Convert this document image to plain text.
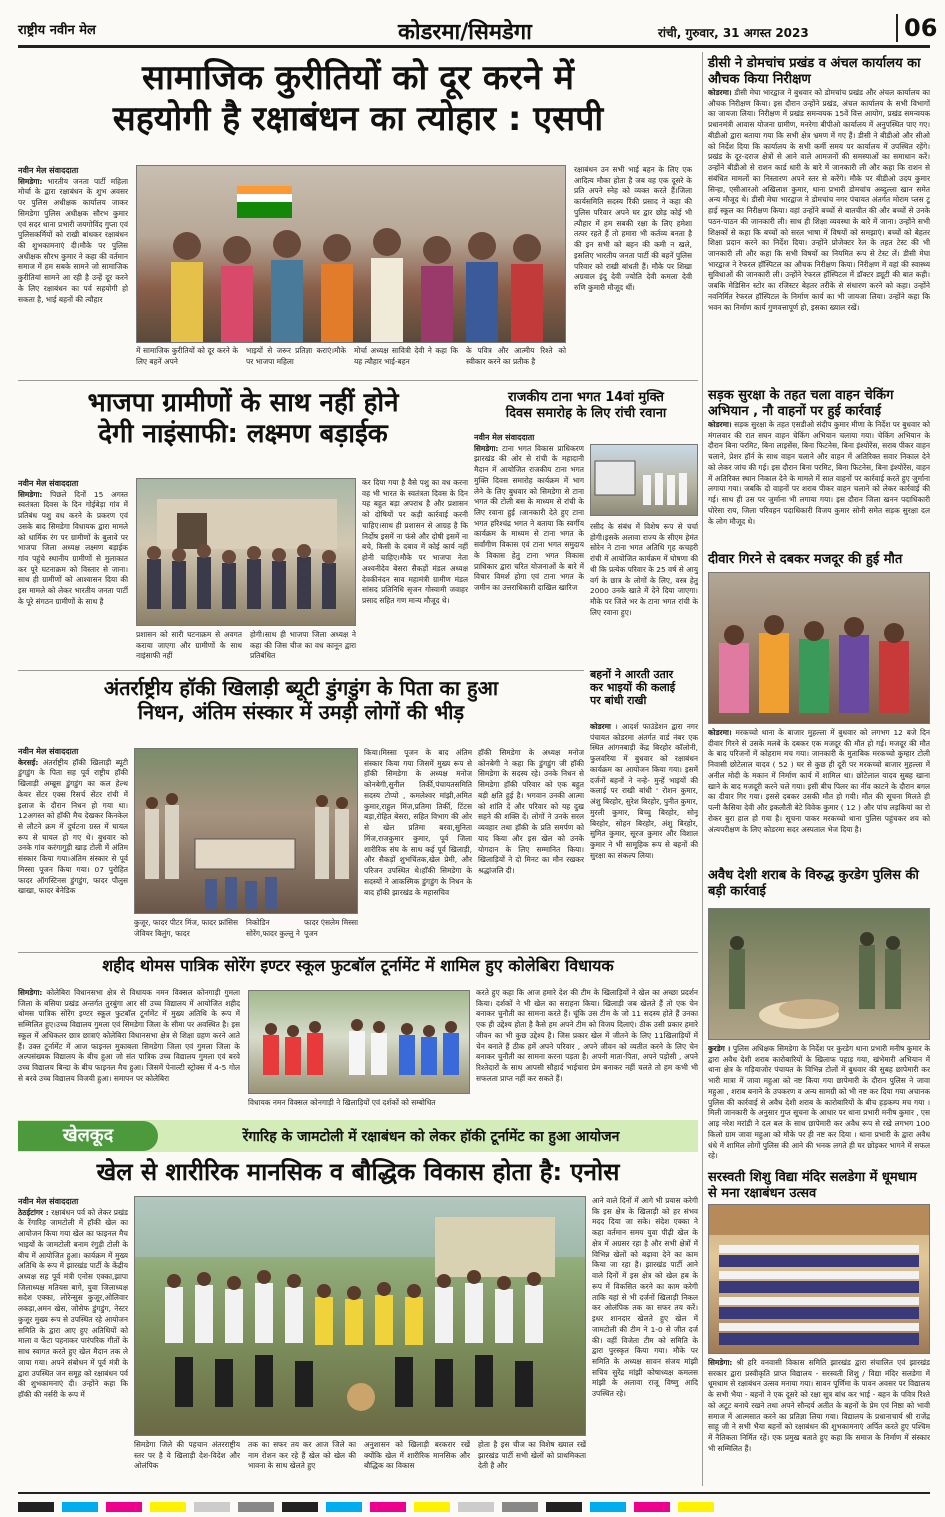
राष्ट्रीय नवीन मेल	कोडरमा/सिमडेगा	रांची, गुरुवार, 31 अगस्त 2023	06
सामाजिक कुरीतियों को दूर करने में
सहयोगी है रक्षाबंधन का त्योहार : एसपी
नवीन मेल संवाददाता
सिमडेगा: भारतीय जनता पार्टी महिला मोर्चा के द्वारा रक्षाबंधन के शुभ अवसर पर पुलिस अधीक्षक कार्यालय जाकर सिमडेगा पुलिस अधीक्षक सौरभ कुमार एवं सदर थाना प्रभारी जयगोविंद गुप्ता एवं पुलिसकर्मियों को राखी बांधकर रक्षाबंधन की शुभकामनाएं दी।मौके पर पुलिस अधीक्षक सौरभ कुमार ने कहा की वर्तमान समाज में हम सबके सामने जो सामाजिक कुरीतियां सामने आ रही है उन्हें दूर करने के लिए रक्षाबंधन का पर्व सहयोगी हो सकता है, भाई बहनों की त्यौहार
में सामाजिक कुरीतियों को दूर करने के लिए बहनें अपने
भाइयों से जरूर प्रतिज्ञा कराएं।मौके पर भाजपा महिला
मोर्चा अध्यक्ष सावित्री देवी ने कहा कि यह त्यौहार भाई-बहन
के पवित्र और आत्मीय रिश्ते को स्वीकार करने का प्रतीक है
रक्षाबंधन उन सभी भाई बहन के लिए एक आदित्य मौका होता है जब वह एक दूसरे के प्रति अपने स्नेह को व्यक्त करते हैं।जिला कार्यसमिति सदस्य रिंकी प्रसाद ने कहा की पुलिस परिवार अपने घर द्वार छोड़ कोई भी त्यौहार में हम सबकी रक्षा के लिए हमेशा तत्पर रहते हैं तो हमारा भी कर्तव्य बनता है की इन सभी को बहन की कमी न खले, इसलिए भारतीय जनता पार्टी की बहनें पुलिस परिवार को राखी बांधती हैं। मौके पर शिखा अग्रवाल इंदु देवी ज्योति देवी कमला देवी रुणि कुमारी मौजूद थीं।
भाजपा ग्रामीणों के साथ नहीं होने
देगी नाइंसाफी: लक्ष्मण बड़ाईक
नवीन मेल संवाददाता
सिमडेगा: पिछले दिनों 15 अगस्त स्वतंत्रता दिवस के दिन गोईबेड़ा गांव में प्रतिबंध पशु वध करने के प्रकरण एवं उसके बाद सिमडेगा विधायक द्वारा मामले को धार्मिक रंग पर ग्रामीणों के बुलावे पर भाजपा जिला अध्यक्ष लक्ष्मण बड़ाईक गांव पहुंचे स्थानीय ग्रामीणों से मुलाकात कर पूरे घटनाक्रम को विस्तार से जाना। साथ ही ग्रामीणों को आश्वासन दिया की इस मामले को लेकर भारतीय जनता पार्टी के पूरे संगठन ग्रामीणों के साथ है
प्रशासन को सारी घटनाक्रम से अवगत कराया जाएगा और ग्रामीणों के साथ नाइंसाफी नहीं
होगी।साथ ही भाजपा जिला अध्यक्ष ने कहा की जिस चीज का वध कानून द्वारा प्रतिबंधित
कर दिया गया है वैसे पशु का वध करना वह भी भारत के स्वतंत्रता दिवस के दिन यह बहुत बड़ा अपराध है और प्रशासन को दोषियों पर कड़ी कार्रवाई करनी चाहिए।साथ ही प्रशासन से आग्रह है कि निर्दोष इसमें ना फंसे और दोषी इसमें ना बचे, किसी के दबाव में कोई कार्य नहीं होनी चाहिए।मौके पर भाजपा नेता अश्वनीदेव बेसरा सैकड़ों मंडल अध्यक्ष देवकीनंदन साव महामंत्री ग्रामीण मंडल सांसद प्रतिनिधि सृजन गोस्वामी जवाहर प्रसाद सहित गण मान्य मौजूद थे।
राजकीय टाना भगत 14वां मुक्ति
दिवस समारोह के लिए रांची रवाना
नवीन मेल संवाददाता
सिमडेगा: टाना भगत विकास प्राधिकरण झारखंड की ओर से रांची के महादानी मैदान में आयोजित राजकीय टाना भगत मुक्ति दिवस समारोह कार्यक्रम में भाग लेने के लिए बुधवार को सिमडेगा से टाना भगत की टोली बस के माध्यम से रांची के लिए रवाना हुई ।जानकारी देते हुए टाना भगत हरिश्चंद्र भगत ने बताया कि स्वर्गीय कार्यक्रम के माध्यम से टाना भगत के सर्वांगीण विकास एवं टाना भगत समुदाय के विकास हेतु टाना भगत विकास प्राधिकार द्वारा चरित योजनाओं के बारे में विचार विमर्श होगा एवं टाना भगत के जमीन का उत्तराधिकारी दाखिल खारिज
रसीद के संबंध में विशेष रूप से चर्चा होगी।इसके अलावा राज्य के सीएम हेमंत सोरेन ने टाना भगत अतिथि गृह कचहरी रांची में आयोजित कार्यक्रम में घोषणा की थी कि प्रत्येक परिवार के 25 वर्ष से आयु वर्ग के छात्र के लोगों के लिए, वस्त्र हेतु 2000 उनके खाते में देने दिया जाएगा। मौके पर जिले भर के टाना भगत रांची के लिए रवाना हुए।
बहनों ने आरती उतार
कर भाइयों की कलाई
पर बांधी राखी
कोडरमा । आदर्श फाउंडेशन द्वारा नगर पंचायत कोडरमा अंतर्गत वार्ड नंबर एक स्थित आंगनबाड़ी केंद्र बिरहोर कॉलोनी, फुलवरिया में बुधवार को रक्षाबंधन कार्यक्रम का आयोजन किया गया। इसमें दर्जनों बहनों ने नन्हे- मुन्हें भाइयों की कलाई पर राखी बांधी ' रोशन कुमार, अंशु बिरहोर, सुरेश बिरहोर, पुनीत कुमार, मुरली कुमार, बिच्चु बिरहोर, सोनू बिरहोर, सोहन बिरहोर, अंशु बिरहोर, सुमित कुमार, सूरज कुमार और विशाल कुमार ने भी सामूहिक रूप से बहनों की सुरक्षा का संकल्प लिया।
अंतर्राष्ट्रीय हॉकी खिलाड़ी ब्यूटी डुंगडुंग के पिता का हुआ
निधन, अंतिम संस्कार में उमड़ी लोगों की भीड़
नवीन मेल संवाददाता
केरसई: अंतर्राष्ट्रीय हॉकी खिलाड़ी ब्यूटी डुंगडुंग के पिता सह पूर्व राष्ट्रीय हॉकी खिलाड़ी अम्ब्रूस डुंगडुंग का कल हेल्थ केयर सेंटर एक्स रिसर्च सेंटर रांची में इलाज के दौरान निधन हो गया था। 12अगस्त को हॉकी मैच देखकर किनकेल से लौटने क्रम में दुर्घटना ग्रस्त में घायल रूप से घायल हो गए थे। बुधवार को उनके गांव करंगागुड़ी खाड़ टोली में अंतिम संस्कार किया गया।अंतिम संस्कार से पूर्व मिस्सा पूजन किया गया। 07 पुरोहित फादर ऑगस्टिनस डुंगडुंग, फादर पौलुस खाखा, फादर बेनेडिक
कुजूर, फादर पीटर मिंज, फादर फ्रांसिस जेवियर बिलुंग, फादर
निकोडिन सोरेंग,फादर कुल्लु ने
फादर एंसलेम मिस्सा पूजन
किया।मिस्सा पूजन के बाद अंतिम संस्कार किया गया जिसमें मुख्य रूप से हॉकी सिमडेगा के अध्यक्ष मनोज कोनबेगी,सुनील तिर्की,पंचायतसमिति सदस्य टोप्पो , कमलेश्वर मांझी,अमित कुमार,राहुल मिंज,प्रतिमा तिर्की, टिंटस बड़ा,रोहित बेसरा, सहित विभाग की ओर से खेल प्रतिमा बरवा,सुनिता मिंज,राजकुमार कुमार, पूर्व जिला शारीरिक संघ के साथ कई पूर्व खिलाड़ी, और सैकड़ों शुभचिंतक,खेल प्रेमी, और परिजन उपस्थित थे।हॉकी सिमडेगा के सदस्यों ने आकस्मिक डुंगडुंग के निधन के बाद हॉकी झारखंड के महासचिव
हॉकी सिमडेगा के अध्यक्ष मनोज कोनबेगी ने कहा कि डुंगडुंग जी हॉकी सिमडेगा के सदस्य रहे। उनके निधन से सिमडेगा हॉकी परिवार को एक बहुत बड़ी क्षति हुई है। भगवान उनकी आत्मा को शांति दें और परिवार को यह दुख सहने की शक्ति दें। लोगों ने उनके सरल व्यवहार तथा हॉकी के प्रति समर्पण को याद किया और इस खेल को उनके योगदान के लिए सम्मानित किया। खिलाड़ियों ने दो मिनट का मौन रखकर श्रद्धांजलि दी।
शहीद थोमस पात्रिक सोरेंग इण्टर स्कूल फुटबॉल टूर्नामेंट में शामिल हुए कोलेबिरा विधायक
सिमडेगा: कोलेबिरा विधानसभा क्षेत्र से विधायक नमन विक्सल कोनगाड़ी गुमला जिला के बसिया प्रखंड अन्तर्गत तुरबुंगा आर सी उच्च विद्यालय में आयोजित शहीद थोमस पात्रिक सोरेंग इण्टर स्कूल फुटबॉल टूर्नामेंट में मुख्य अतिथि के रूप में सम्मिलित हुए।उच्च विद्यालय गुमला एवं सिमडेगा जिला के सीमा पर अवस्थित है। इस स्कूल में अधिकतर छात्र छात्राएं कोलेबिरा विधानसभा क्षेत्र से शिक्षा ग्रहण करने आते हैं। उक्त टूर्नामेंट में आज फाइनल मुकाबला सिमडेगा जिला एवं गुमला जिला के अल्पसंख्यक विद्यालय के बीच हुआ जो संत पात्रिक उच्च विद्यालय गुमला एवं बरवे उच्च विद्यालय बिन्दा के बीच फाइनल मैच हुआ। जिसमें पेनाल्टी स्ट्रोक्स में 4-5 गोल से बरवे उच्च विद्यालय विजयी हुआ। समापन पर कोलेबिरा
विधायक नमन विक्सल कोनगाड़ी ने खिलाड़ियों एवं दर्शकों को सम्बोधित
करते हुए कहा कि आज हमारे देश की टीम के खिलाड़ियों ने खेल का अच्छा प्रदर्शन किया। दर्शकों ने भी खेल का सराहना किया। खिलाड़ी जब खेलते हैं तो एक चेन बनाकर चुनौती का सामना करते हैं। चूंकि उस टीम के जो 11 सदस्य होते हैं उनका एक ही उद्देश्य होता है कैसे हम अपने टीम को विजय दिलाएं। ठीक उसी प्रकार हमारे जीवन का भी कुछ उद्देश्य है। जिस प्रकार खेल में जीतने के लिए 11खिलाड़ियों में चेन बनाते हैं ठीक हमें अपने परिवार , अपने जीवन को व्यतीत करने के लिए चेन बनाकर चुनौती का सामना करना पड़ता है। अपनी माता-पिता, अपने पड़ोसी , अपने रिश्तेदारों के साथ आपसी सौहार्द भाईचारा प्रेम बनाकर नहीं चलते तो हम कभी भी सफलता प्राप्त नहीं कर सकते हैं।
खेलकूद	रेंगारिह के जामटोली में रक्षाबंधन को लेकर हॉकी टूर्नामेंट का हुआ आयोजन
खेल से शारीरिक मानसिक व बौद्धिक विकास होता है: एनोस
नवीन मेल संवाददाता
ठेठईटांगर : रक्षाबंधन पर्व को लेकर प्रखंड के रेंगारिह जामटोली में हॉकी खेल का आयोजन किया गया खेल का फाइनल मैच भाइयों के जामटोली बनाम रंगुड़ी टोली के बीच में आयोजित हुआ। कार्यक्रम में मुख्य अतिथि के रूप में झारखंड पार्टी के केंद्रीय अध्यक्ष सह पूर्व मंत्री एनोस एक्का,झापा जिलाध्यक्ष मतियस बागे, युवा जिलाध्यक्ष सदेश एक्का, लोरेन्सुस कुजूर,ओलिवार लकड़ा,अमन खेस, जोसेफ डुंगडुंग, नेस्टर कुजूर मुख्य रूप से उपस्थित रहे आयोजन समिति के द्वारा आए हुए अतिथियों को माला व फेंटा पहनाकर पारंपरिक गीतों के साथ स्वागत करते हुए खेल मैदान तक ले जाया गया। अपने संबोधन में पूर्व मंत्री के द्वारा उपस्थित जन समूह को रक्षाबंधन पर्व की शुभकामनाएं दी। उन्होंने कहा कि हॉकी की नर्सरी के रूप में
सिमडेगा जिले की पहचान अंतरराष्ट्रीय स्तर पर है ये खिलाड़ी देश-विदेश और ओलंपिक
तक का सफर तय कर आज जिले का नाम रोशन कर रहे हैं खेल को खेल की भावना के साथ खेलते हुए
अनुशासन को खिलाड़ी बरकरार रखें क्योंकि खेल में शारीरिक मानसिक और बौद्धिक का विकास
होता है इस चीज का विशेष ख्याल रखें झारखंड पार्टी सभी खेलों को प्राथमिकता देती है और
आने वाले दिनों में आगे भी प्रयास करेगी कि इस क्षेत्र के खिलाड़ी को हर संभव मदद दिया जा सके। संदेश एक्का ने कहा वर्तमान समय युवा पीढ़ी खेल के क्षेत्र में अग्रसर रहा है और सभी क्षेत्रों में विभिन्न खेलों को बढ़ावा देने का काम किया जा रहा है। झारखंड पार्टी आने वाले दिनों में इस क्षेत्र को खेल हब के रूप में विकसित करने का काम करेगी ताकि यहां से भी दर्जनों खिलाड़ी निकल कर ओलंपिक तक का सफर तय करें। इधर शानदार खेलते हुए खेल में जामटोली की टीम ने 1-0 से जीत दर्ज की। वहीं विजेता टीम को समिति के द्वारा पुरस्कृत किया गया। मौके पर समिति के अध्यक्ष सावन संजय मांझी सचिव सुरेंद्र मांझी कोषाध्यक्ष कमलस मांझी के अलावा राजू विष्णु आदि उपस्थित रहे।
डीसी ने डोमचांच प्रखंड व अंचल कार्यालय का औचक किया निरीक्षण
कोडरमा। डीसी मेघा भारद्वाज ने बुधवार को डोमचांच प्रखंड और अंचल कार्यालय का औचक निरीक्षण किया। इस दौरान उन्होंने प्रखंड, अंचल कार्यालय के सभी विभागों का जायजा लिया। निरीक्षण में प्रखंड समन्वयक 15वें वित्त आयोग, प्रखंड समन्वयक प्रधानमंत्री आवास योजना ग्रामीण, मनरेगा बीपीओ कार्यालय में अनुपस्थित पाए गए। बीडीओ द्वारा बताया गया कि सभी क्षेत्र भ्रमण में गए हैं। डीसी ने बीडीओ और सीओ को निर्देश दिया कि कार्यालय के सभी कर्मी समय पर कार्यालय में उपस्थित रहेंगे। प्रखंड के दूर-दराज क्षेत्रों से आने वाले आमजनों की समस्याओं का समाधान करें। उन्होंने बीडीओ से राशन कार्ड धारी के बारे में जानकारी ली और कहा कि राशन से संबंधित मामलों का निस्तारण अपने स्तर से करेंगे। मौके पर बीडीओ उदय कुमार सिन्हा, एसीआरओ अखिलाश कुमार, थाना प्रभारी डोमचांच अब्दुल्ला खान समेत अन्य मौजूद थे। डीसी मेघा भारद्वाज ने डोमचांच नगर पंचायत अंतर्गत मोराम प्लस टू हाई स्कूल का निरीक्षण किया। वहां उन्होंने बच्चों से बातचीत की और बच्चों से उनके पठन-पाठन की जानकारी ली। साथ ही शिक्षा व्यवस्था के बारे में जाना। उन्होंने सभी शिक्षकों से कहा कि बच्चों को सरल भाषा में विषयों को समझाएं। बच्चों को बेहतर शिक्षा प्रदान करने का निर्देश दिया। उन्होंने प्रोजेक्टर रेल के तहत टेस्ट की भी जानकारी ली और कहा कि सभी विषयों का नियमित रूप से टेस्ट लें। डीसी मेघा भारद्वाज ने रेफरल हॉस्पिटल का औचक निरीक्षण किया। निरीक्षण में वहां की स्वास्थ्य सुविधाओं की जानकारी ली। उन्होंने रेफरल हॉस्पिटल में डॉक्टर ड्यूटी की बात कही। जबकि मेडिसिन स्टोर का रजिस्टर बेहतर तरीके से संधारण करने को कहा। उन्होंने नवनिर्मित रेफरल हॉस्पिटल के निर्माण कार्य का भी जायजा लिया। उन्होंने कहा कि भवन का निर्माण कार्य गुणवत्तापूर्ण हो, इसका ख्याल रखें।
सड़क सुरक्षा के तहत चला वाहन चेकिंग अभियान , नौ वाहनों पर हुई कार्रवाई
कोडरमा। सड़क सुरक्षा के तहत एसडीओ संदीप कुमार मीणा के निर्देश पर बुधवार को मंगलवार की रात सघन वाहन चेकिंग अभियान चलाया गया। चेकिंग अभियान के दौरान बिना परमिट, बिना लाइसेंस, बिना फिटनेस, बिना इंश्योरेंस, सराब पीकर वाहन चलाने, प्रेशर हॉर्न के साथ वाहन चलाने और वाहन में अतिरिक्त सवार निकाल देने को लेकर जांच की गई। इस दौरान बिना परमिट, बिना फिटनेस, बिना इंश्योरेंस, वाहन में अतिरिक्त स्थान निकाल देने के मामले में सात वाहनों पर कार्रवाई करते हुए जुर्माना लगाया गया। जबकि दो वाहनों पर शराब पीकर वाहन चलाने को लेकर कार्रवाई की गई। साथ ही उस पर जुर्माना भी लगाया गया। इस दौरान जिला खनन पदाधिकारी घोरेसा राय, जिला परिवहन पदाधिकारी विजय कुमार सोनी समेत सड़क सुरक्षा दल के लोग मौजूद थे।
दीवार गिरने से दबकर मजदूर की हुई मौत
कोडरमा। मरकच्चो थाना के बाजार मुहल्ला में बुधवार को लगभग 12 बजे दिन दीवार गिरने से उसके मलबे के दबकर एक मजदूर की मौत हो गई। मजदूर की मौत के बाद परिजनों में कोहराम मच गया। जानकारी के मुताबिक मरकच्चो कुम्हार टोली निवासी छोटेलाल यादव ( 52 ) घर से कुछ ही दूरी पर मरकच्चो बाजार मुहल्ला में अनील मोदी के मकान में निर्माण कार्य में शामिल था। छोटेलाल यादव सुबह खाना खाने के बाद मजदूरी करने चले गया। इसी बीच पिलर का नींव काटने के दौरान बगल का दीवार गिर गया। इससे दबकर उसकी मौत हो गयी। मौत की सूचना मिलते ही पत्नी कैसिया देवी और इकलौती बेटे विवेक कुमार ( 12 ) और पांच लड़कियां का रो रोकर बुरा हाल हो गया है। सूचना पाकर मरकच्चो थाना पुलिस पहुंचकर शव को अंत्यपरीक्षण के लिए कोडरमा सदर अस्पताल भेज दिया है।
अवैध देशी शराब के विरुद्ध कुरडेग पुलिस की बड़ी कार्रवाई
कुरडेग । पुलिस अधिक्षक सिमडेगा के निर्देश पर कुरडेग थाना प्रभारी मनीष कुमार के द्वारा अवैध देशी शराब कारोबारियों के खिलाफ पहाड़ गया, खंभेमारी अभियान में थाना क्षेत्र के गड़ियाजोर पंचायत के विभिन्न टोलों में बुधवार की सुबह छापेमारी कर भारी मात्रा में जावा महुआ को नष्ट किया गया छापेमारी के दौरान पुलिस ने जावा महुआ , शराब बनाने के उपकरण व अन्य सामग्री को भी नष्ट कर दिया गया अचानक पुलिस की कार्रवाई से अवैध देशी शराब के कारोबारियों के बीच हड़कम्प मच गया । मिली जानकारी के अनुसार गुप्त सूचना के आधार पर थाना प्रभारी मनीष कुमार , एस आइ नरेश मरांडी ने दल बल के साथ छापेमारी कर अवैध रूप से रखे लगभग 100 किलो ग्राम जावा महुआ को मौके पर ही नष्ट कर दिया । थाना प्रभारी के द्वारा अवैध धंधे में शामिल लोगों पुलिस की आने की भनक लगते ही घर छोड़कर भागने में सफल रहे।
सरस्वती शिशु विद्या मंदिर सलडेगा में धूमधाम से मना रक्षाबंधन उत्सव
सिमडेगा: श्री हरि वनवासी विकास समिति झारखंड द्वारा संचालित एवं झारखंड सरकार द्वारा प्रस्वीकृति प्राप्त विद्यालय - सरस्वती शिशु / विद्या मंदिर सलडेगा में धूमधाम से रक्षाबंधन उत्सव मनाया गया। सावन पूर्णिमा के पावन अवसर पर विद्यालय के सभी भैया - बहनों ने एक दूसरे को रक्षा सूत्र बांध कर भाई - बहन के पवित्र रिश्ते को अटूट बनाये रखने तथा अपने सौन्दर्य अतीत के बहनों के प्रेम एवं निष्ठा को भावी समाज में आत्मसात करने का प्रतिज्ञा लिया गया। विद्यालय के प्रधानाचार्य श्री राजेंद्र साहू जी ने सभी भैया बहनों को रक्षाबंधन की शुभकामनाएं अर्पित करते हुए पश्चिम में नैतिकता निर्मित रहें। एक प्रमुख बताते हुए कहा कि समाज के निर्माण में संस्कार भी सम्मिलित हैं।
